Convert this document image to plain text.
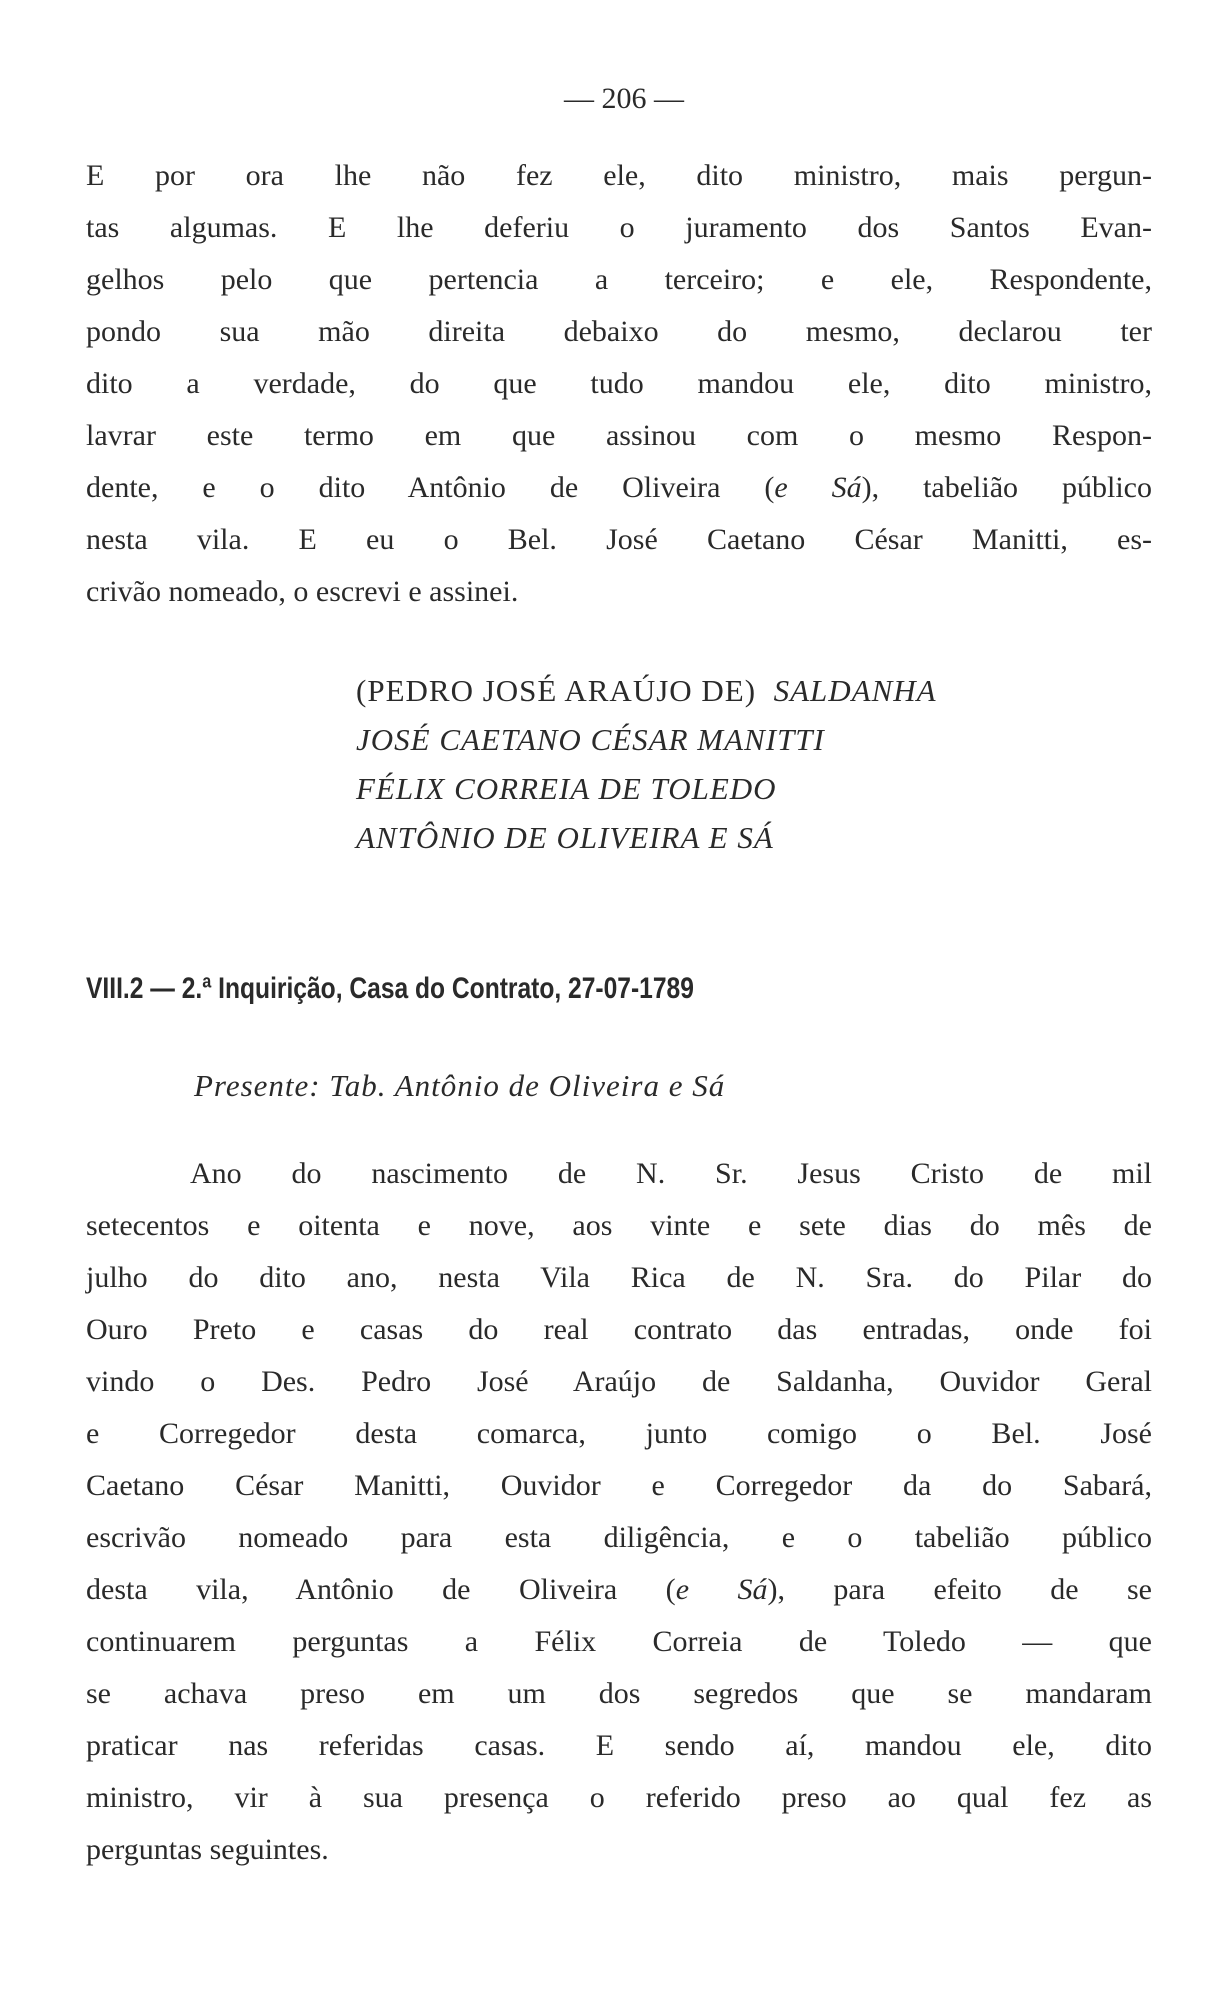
— 206 —
E por ora lhe não fez ele, dito ministro, mais pergun-
tas algumas. E lhe deferiu o juramento dos Santos Evan-
gelhos pelo que pertencia a terceiro; e ele, Respondente,
pondo sua mão direita debaixo do mesmo, declarou ter
dito a verdade, do que tudo mandou ele, dito ministro,
lavrar este termo em que assinou com o mesmo Respon-
dente, e o dito Antônio de Oliveira (e Sá), tabelião público
nesta vila. E eu o Bel. José Caetano César Manitti, es-
crivão nomeado, o escrevi e assinei.
(PEDRO JOSÉ ARAÚJO DE) SALDANHA
JOSÉ CAETANO CÉSAR MANITTI
FÉLIX CORREIA DE TOLEDO
ANTÔNIO DE OLIVEIRA E SÁ
VIII.2 — 2.ª Inquirição, Casa do Contrato, 27-07-1789
Presente: Tab. Antônio de Oliveira e Sá
Ano do nascimento de N. Sr. Jesus Cristo de mil
setecentos e oitenta e nove, aos vinte e sete dias do mês de
julho do dito ano, nesta Vila Rica de N. Sra. do Pilar do
Ouro Preto e casas do real contrato das entradas, onde foi
vindo o Des. Pedro José Araújo de Saldanha, Ouvidor Geral
e Corregedor desta comarca, junto comigo o Bel. José
Caetano César Manitti, Ouvidor e Corregedor da do Sabará,
escrivão nomeado para esta diligência, e o tabelião público
desta vila, Antônio de Oliveira (e Sá), para efeito de se
continuarem perguntas a Félix Correia de Toledo — que
se achava preso em um dos segredos que se mandaram
praticar nas referidas casas. E sendo aí, mandou ele, dito
ministro, vir à sua presença o referido preso ao qual fez as
perguntas seguintes.
